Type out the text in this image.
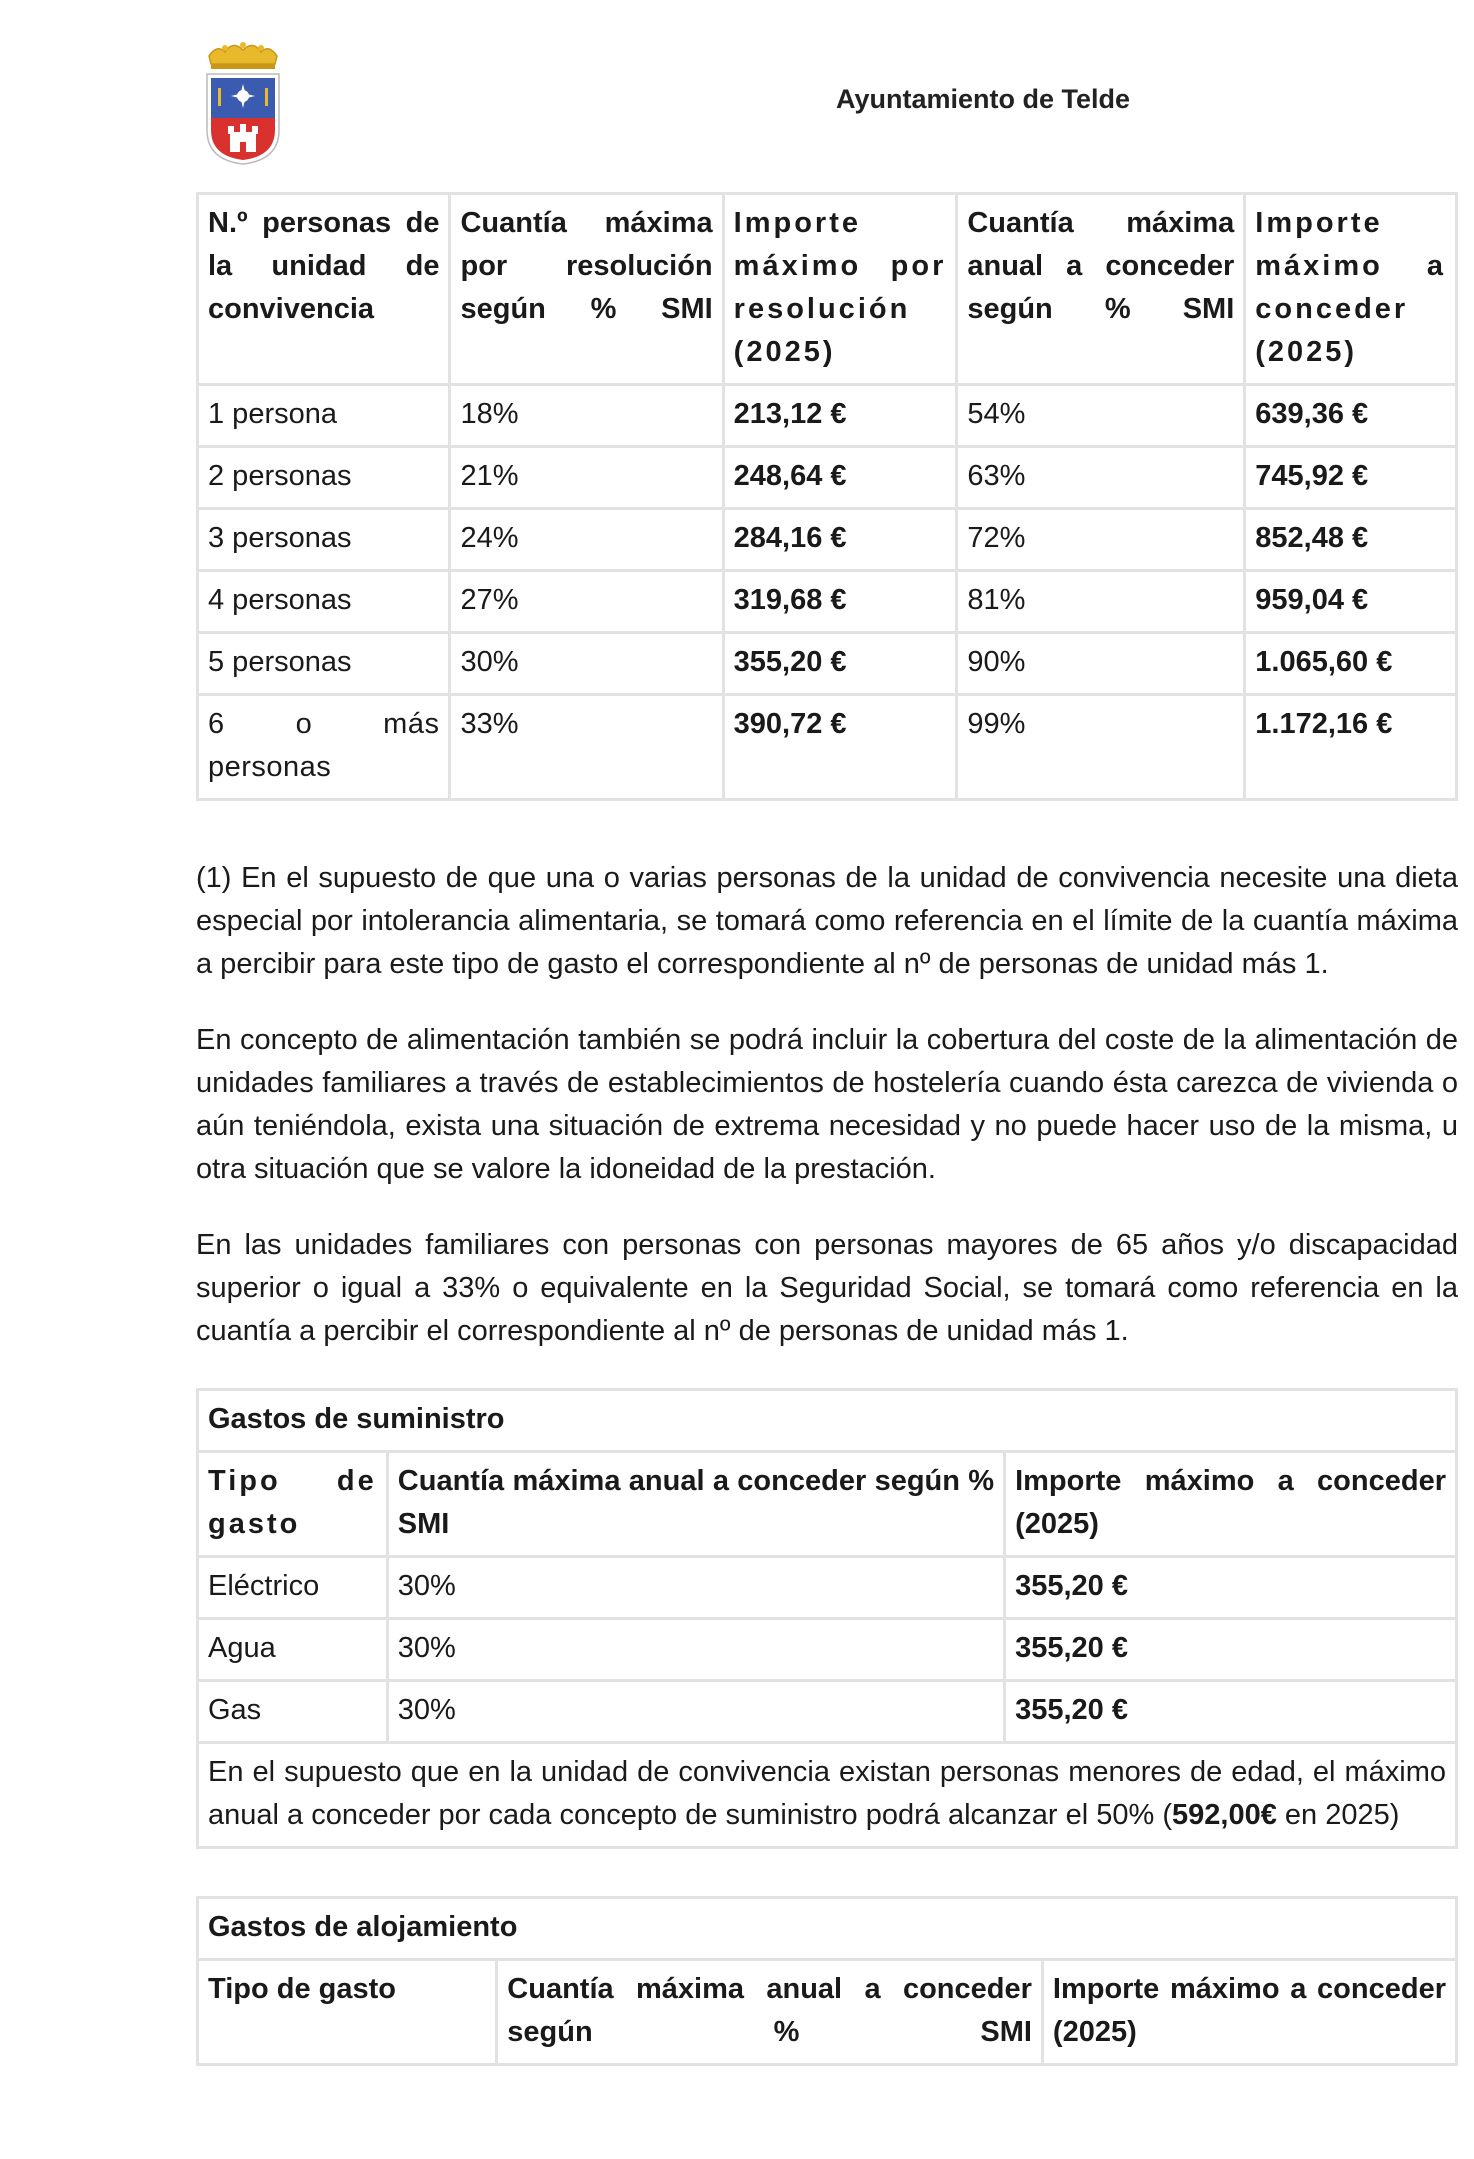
Ayuntamiento de Telde
N.º personas de la unidad de convivencia	Cuantía máxima por resolución según % SMI	Importe máximo por resolución (2025)	Cuantía máxima anual a conceder según % SMI	Importe máximo a conceder (2025)
1 persona	18%	213,12 €	54%	639,36 €
2 personas	21%	248,64 €	63%	745,92 €
3 personas	24%	284,16 €	72%	852,48 €
4 personas	27%	319,68 €	81%	959,04 €
5 personas	30%	355,20 €	90%	1.065,60 €
6 o más personas	33%	390,72 €	99%	1.172,16 €

(1) En el supuesto de que una o varias personas de la unidad de convivencia necesite una dieta especial por intolerancia alimentaria, se tomará como referencia en el límite de la cuantía máxima a percibir para este tipo de gasto el correspondiente al nº de personas de unidad más 1.

En concepto de alimentación también se podrá incluir la cobertura del coste de la alimentación de unidades familiares a través de establecimientos de hostelería cuando ésta carezca de vivienda o aún teniéndola, exista una situación de extrema necesidad y no puede hacer uso de la misma, u otra situación que se valore la idoneidad de la prestación.

En las unidades familiares con personas con personas mayores de 65 años y/o discapacidad superior o igual a 33% o equivalente en la Seguridad Social, se tomará como referencia en la cuantía a percibir el correspondiente al nº de personas de unidad más 1.

Gastos de suministro		
Tipo de gasto	Cuantía máxima anual a conceder según % SMI	Importe máximo a conceder (2025)
Eléctrico	30%	355,20 €
Agua	30%	355,20 €
Gas	30%	355,20 €
En el supuesto que en la unidad de convivencia existan personas menores de edad, el máximo anual a conceder por cada concepto de suministro podrá alcanzar el 50% (592,00€ en 2025)		
Gastos de alojamiento
Tipo de gasto	Cuantía máxima anual a conceder según % SMI	Importe máximo a conceder (2025)
